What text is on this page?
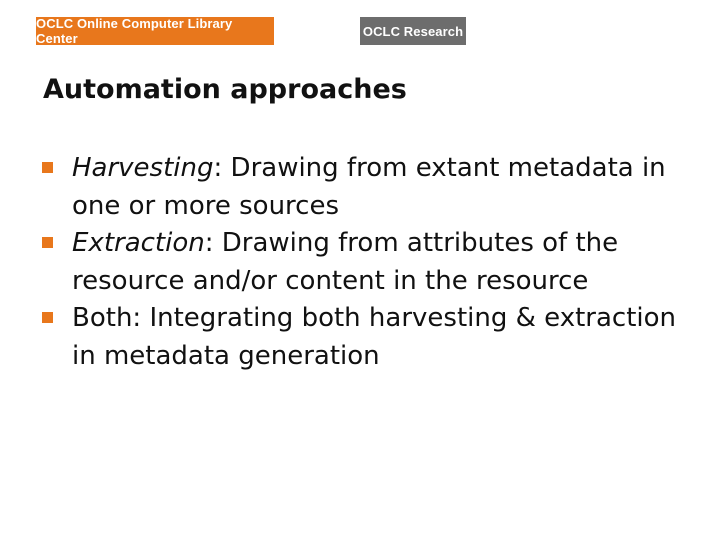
OCLC Online Computer Library Center	OCLC Research
Automation approaches
Harvesting: Drawing from extant metadata in one or more sources
Extraction: Drawing from attributes of the resource and/or content in the resource
Both: Integrating both harvesting & extraction in metadata generation
